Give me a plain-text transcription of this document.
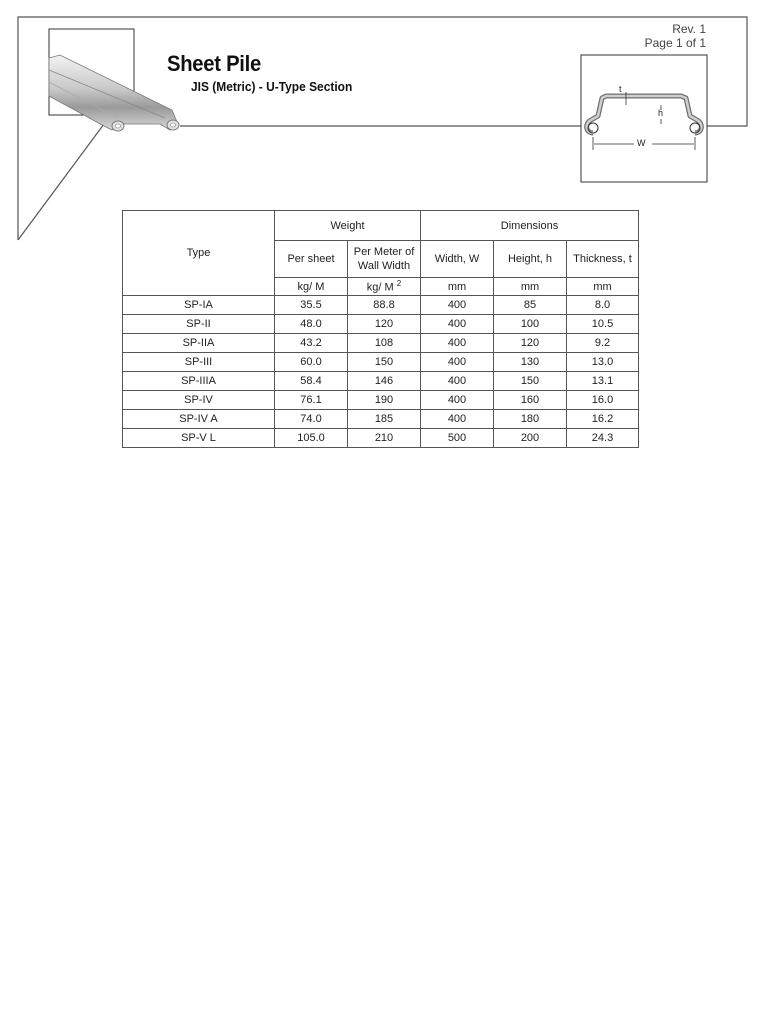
t
h
W
Sheet Pile
JIS (Metric) - U-Type Section
Rev. 1
Page 1 of 1
Type	Weight		Dimensions		
	Per sheet	Per Meter of
Wall Width	Width, W	Height, h	Thickness, t
	kg/ M	kg/ M $^2$	mm	mm	mm
SP-IA	35.5	88.8	400	85	8.0
SP-II	48.0	120	400	100	10.5
SP-IIA	43.2	108	400	120	9.2
SP-III	60.0	150	400	130	13.0
SP-IIIA	58.4	146	400	150	13.1
SP-IV	76.1	190	400	160	16.0
SP-IV A	74.0	185	400	180	16.2
SP-V L	105.0	210	500	200	24.3
